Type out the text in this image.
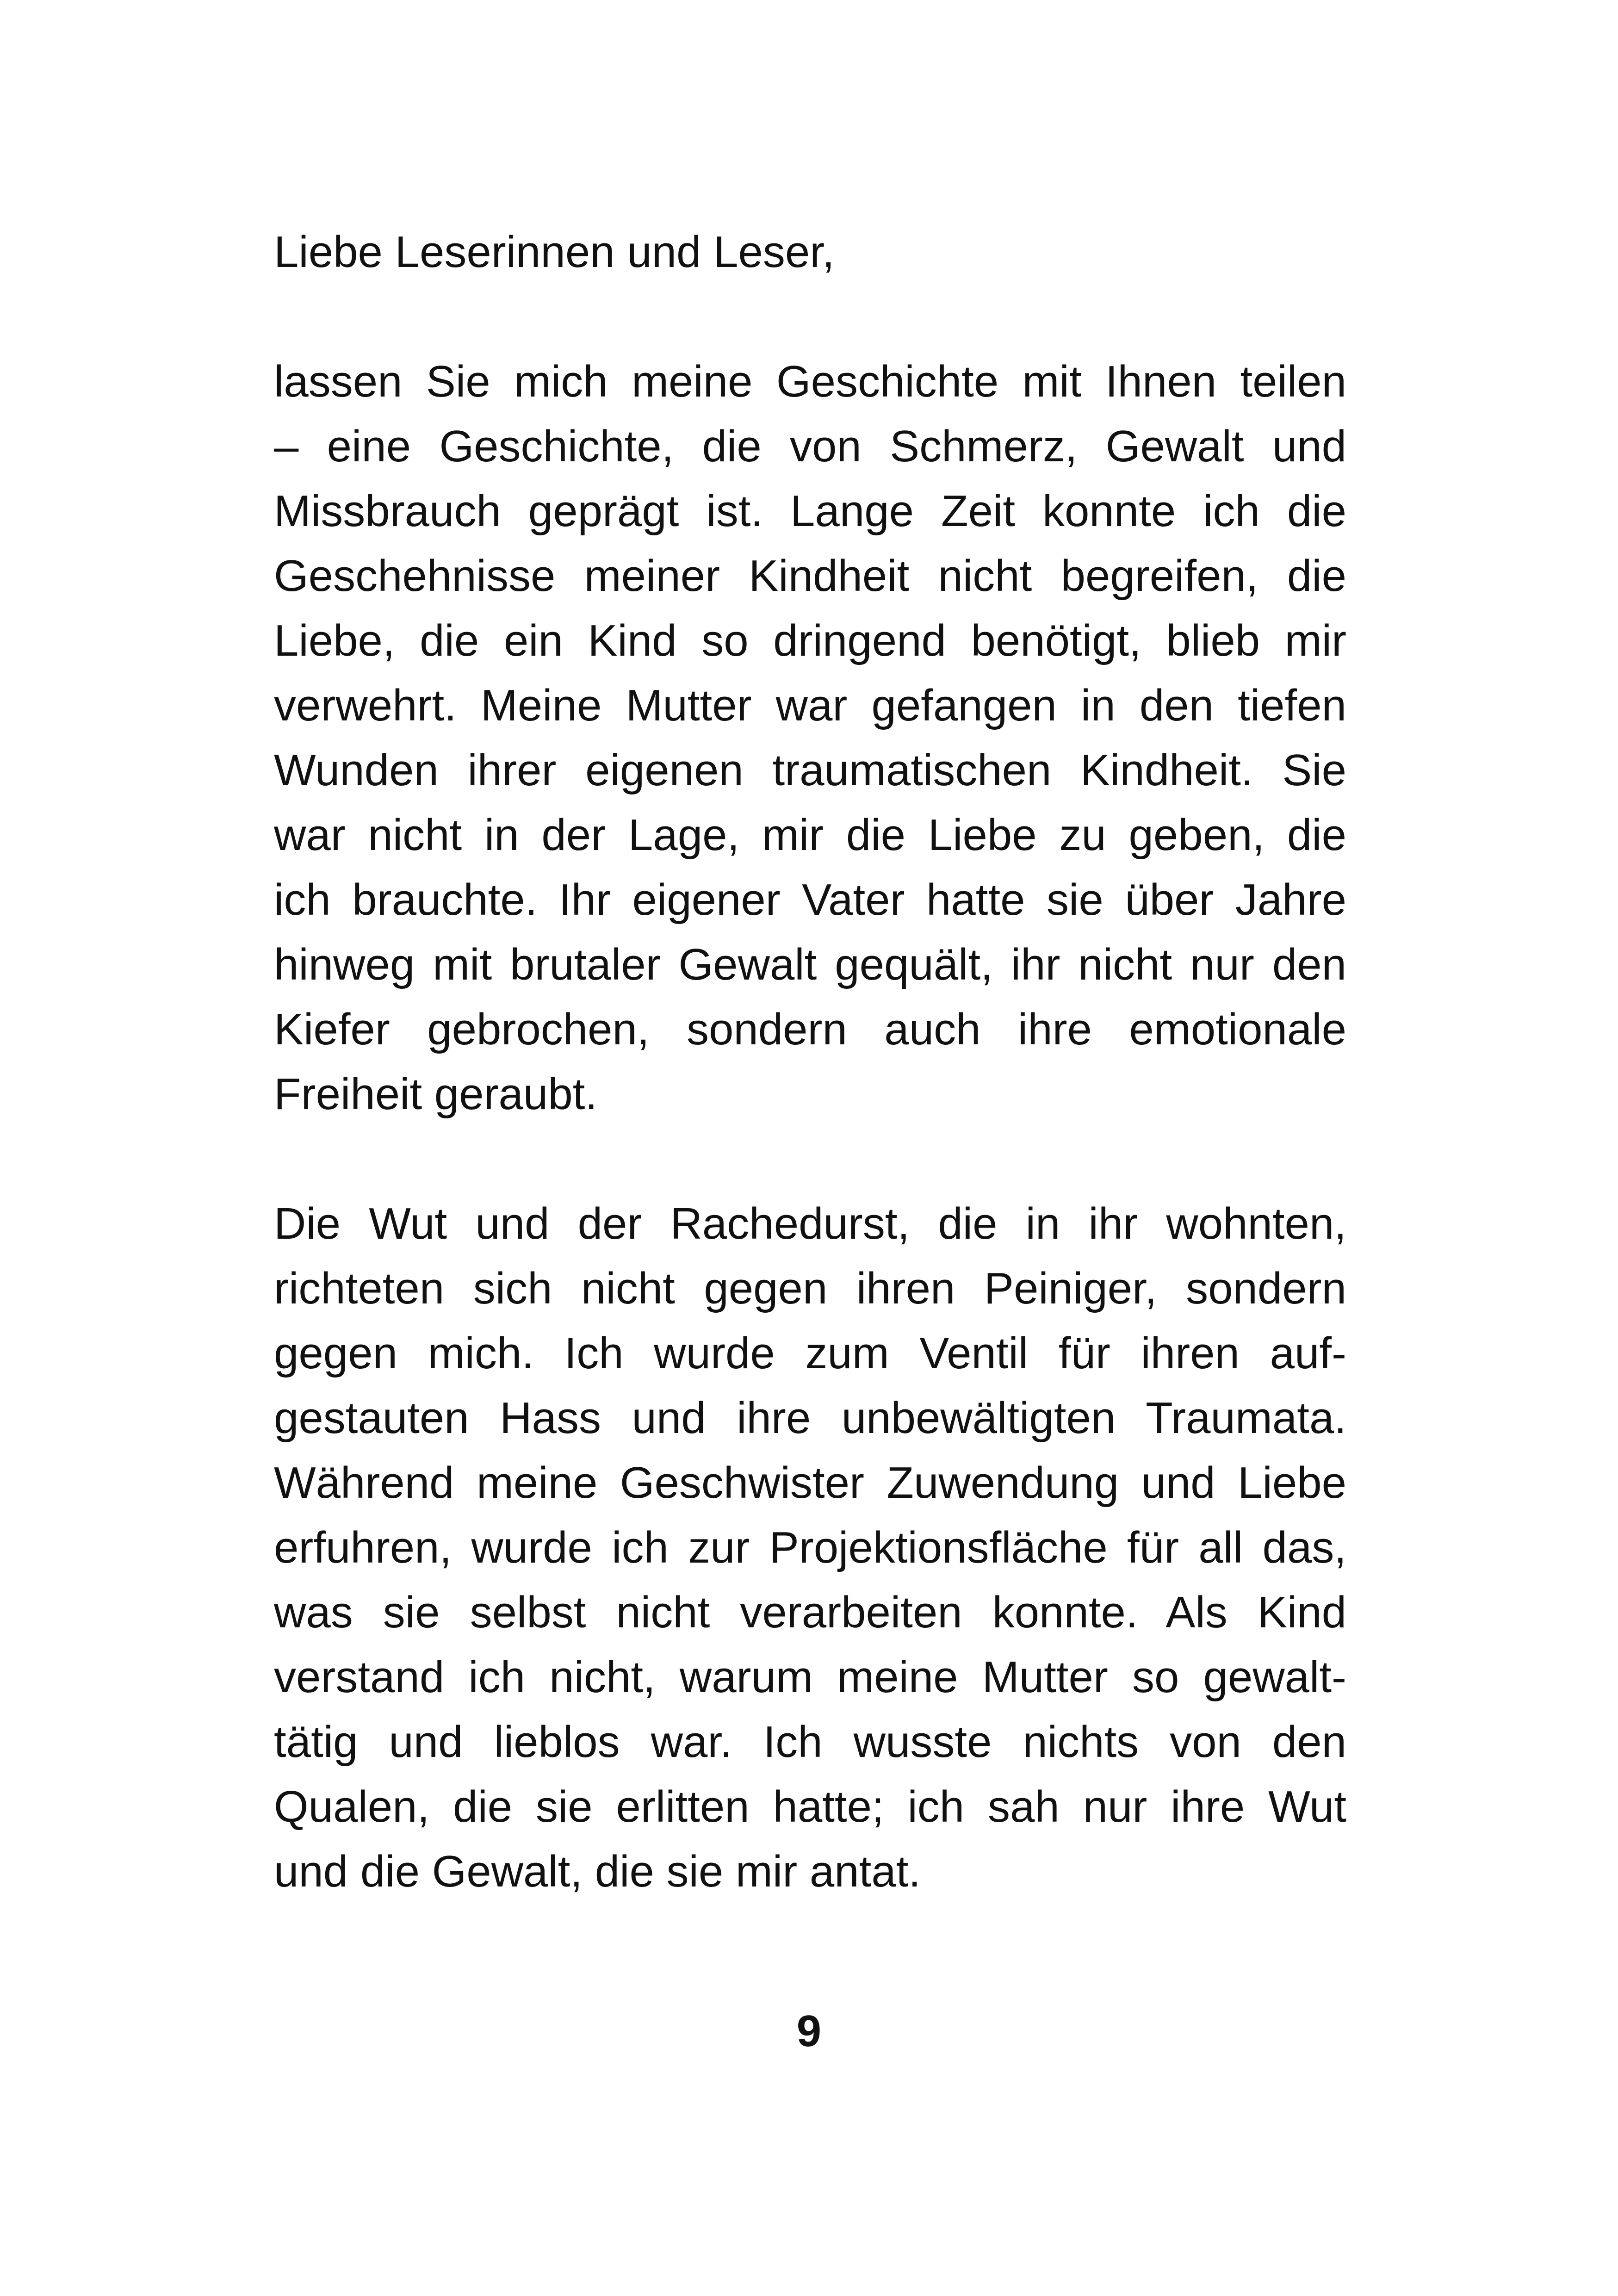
Liebe Leserinnen und Leser,

lassen Sie mich meine Geschichte mit Ihnen teilen
– eine Geschichte, die von Schmerz, Gewalt und
Missbrauch geprägt ist. Lange Zeit konnte ich die
Geschehnisse meiner Kindheit nicht begreifen, die
Liebe, die ein Kind so dringend benötigt, blieb mir
verwehrt. Meine Mutter war gefangen in den tiefen
Wunden ihrer eigenen traumatischen Kindheit. Sie
war nicht in der Lage, mir die Liebe zu geben, die
ich brauchte. Ihr eigener Vater hatte sie über Jahre
hinweg mit brutaler Gewalt gequält, ihr nicht nur den
Kiefer gebrochen, sondern auch ihre emotionale
Freiheit geraubt.

Die Wut und der Rachedurst, die in ihr wohnten,
richteten sich nicht gegen ihren Peiniger, sondern
gegen mich. Ich wurde zum Ventil für ihren auf-
gestauten Hass und ihre unbewältigten Traumata.
Während meine Geschwister Zuwendung und Liebe
erfuhren, wurde ich zur Projektionsfläche für all das,
was sie selbst nicht verarbeiten konnte. Als Kind
verstand ich nicht, warum meine Mutter so gewalt-
tätig und lieblos war. Ich wusste nichts von den
Qualen, die sie erlitten hatte; ich sah nur ihre Wut
und die Gewalt, die sie mir antat.

9
